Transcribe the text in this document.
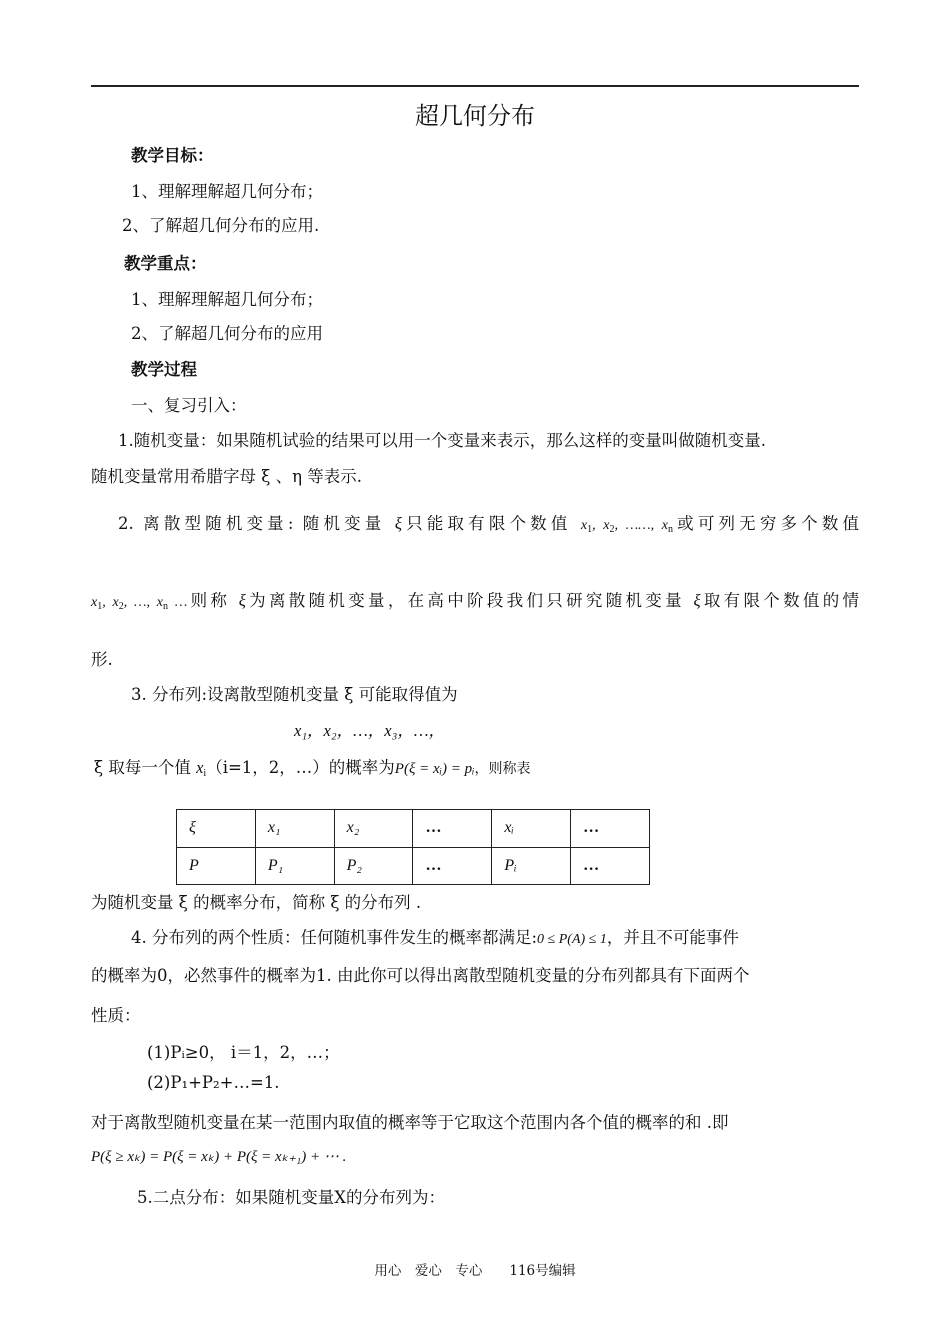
超几何分布
教学目标：
1、理解理解超几何分布；
2、了解超几何分布的应用.
教学重点：
1、理解理解超几何分布；
2、了解超几何分布的应用
教学过程
一、复习引入：
1.随机变量：如果随机试验的结果可以用一个变量来表示，那么这样的变量叫做随机变量.
随机变量常用希腊字母 ξ 、η 等表示.
2. 离散型随机变量: 随机变量 ξ只能取有限个数值 $x_1$, $x_2$, ……, $x_n$或可列无穷多个数值
$x_1$, $x_2$, …, $x_n$ …则称 ξ为离散随机变量，在高中阶段我们只研究随机变量 ξ取有限个数值的情
形.
3. 分布列:设离散型随机变量 ξ 可能取得值为
x₁，x₂，…，x₃，…，
ξ 取每一个值 $x_i(i=1$，2，…）的概率为P(ξ = xᵢ) = pᵢ，则称表
ξ	x₁	x₂	…	xᵢ	…
P	P₁	P₂	…	Pᵢ	…
为随机变量 ξ 的概率分布，简称 ξ 的分布列 .
4. 分布列的两个性质：任何随机事件发生的概率都满足:0 ≤ P(A) ≤ 1，并且不可能事件
的概率为0，必然事件的概率为1. 由此你可以得出离散型随机变量的分布列都具有下面两个
性质：
(1)Pᵢ≥0， i＝1，2，…；
(2)P₁+P₂+…=1.
对于离散型随机变量在某一范围内取值的概率等于它取这个范围内各个值的概率的和 .即
P(ξ ≥ xₖ) = P(ξ = xₖ) + P(ξ = xₖ₊₁) + ⋯ .
5.二点分布：如果随机变量X的分布列为：
用心　爱心　专心　　116号编辑
